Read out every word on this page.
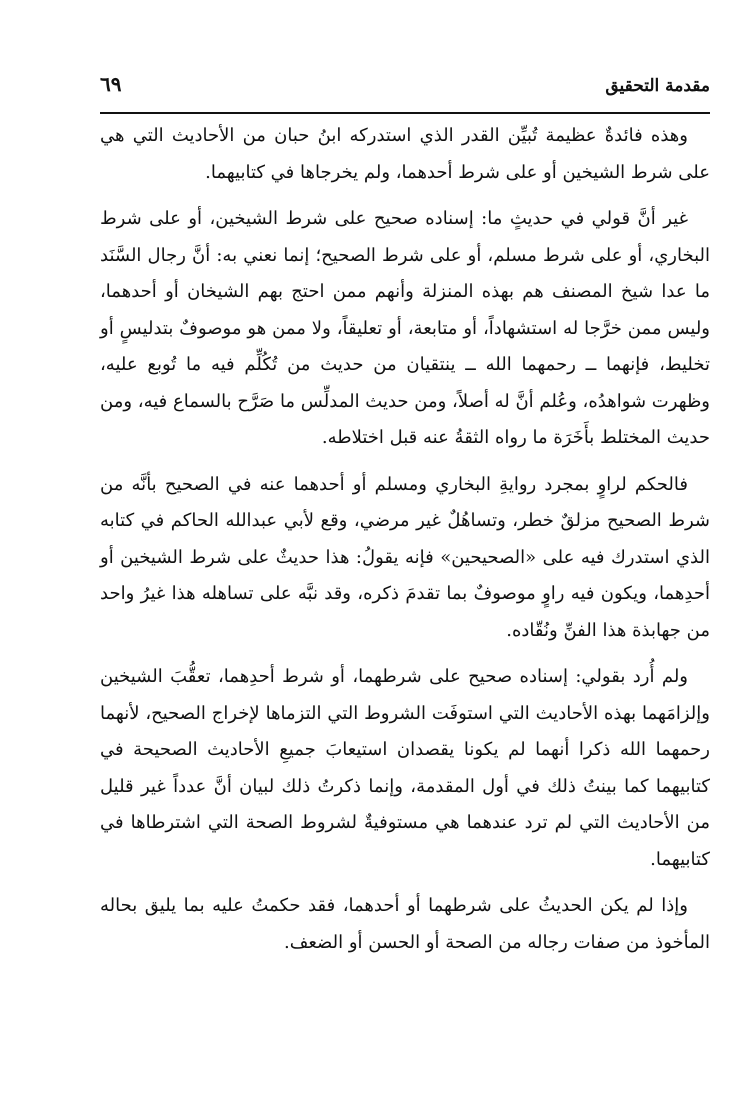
مقدمة التحقيق
٦٩

وهذه فائدةٌ عظيمة تُبيِّن القدر الذي استدركه ابنُ حبان من الأحاديث التي هي على شرط الشيخين أو على شرط أحدهما، ولم يخرجاها في كتابيهما.

غير أنَّ قولي في حديثٍ ما: إسناده صحيح على شرط الشيخين، أو على شرط البخاري، أو على شرط مسلم، أو على شرط الصحيح؛ إنما نعني به: أنَّ رجال السَّنَد ما عدا شيخ المصنف هم بهذه المنزلة وأنهم ممن احتج بهم الشيخان أو أحدهما، وليس ممن خرَّجا له استشهاداً، أو متابعة، أو تعليقاً، ولا ممن هو موصوفٌ بتدليسٍ أو تخليط، فإنهما ــ رحمهما الله ــ ينتقيان من حديث من تُكُلِّم فيه ما تُوبع عليه، وظهرت شواهدُه، وعُلم أنَّ له أصلاً، ومن حديث المدلِّس ما صَرَّح بالسماع فيه، ومن حديث المختلط بأَخَرَة ما رواه الثقةُ عنه قبل اختلاطه.

فالحكم لراوٍ بمجرد روايةِ البخاري ومسلم أو أحدهما عنه في الصحيح بأنَّه من شرط الصحيح مزلقٌ خطر، وتساهُلٌ غير مرضي، وقع لأبي عبدالله الحاكم في كتابه الذي استدرك فيه على «الصحيحين» فإنه يقولُ: هذا حديثٌ على شرط الشيخين أو أحدِهما، ويكون فيه راوٍ موصوفٌ بما تقدمَ ذكره، وقد نبَّه على تساهله هذا غيرُ واحد من جهابذة هذا الفنِّ ونُقّاده.

ولم أُرد بقولي: إسناده صحيح على شرطهما، أو شرط أحدِهما، تعقُّبَ الشيخين وإلزامَهما بهذه الأحاديث التي استوفَت الشروط التي التزماها لإخراج الصحيح، لأنهما رحمهما الله ذكرا أنهما لم يكونا يقصدان استيعابَ جميعِ الأحاديث الصحيحة في كتابيهما كما بينتُ ذلك في أول المقدمة، وإنما ذكرتُ ذلك لبيان أنَّ عدداً غير قليل من الأحاديث التي لم ترد عندهما هي مستوفيةٌ لشروط الصحة التي اشترطاها في كتابيهما.

وإذا لم يكن الحديثُ على شرطهما أو أحدهما، فقد حكمتُ عليه بما يليق بحاله المأخوذ من صفات رجاله من الصحة أو الحسن أو الضعف.
